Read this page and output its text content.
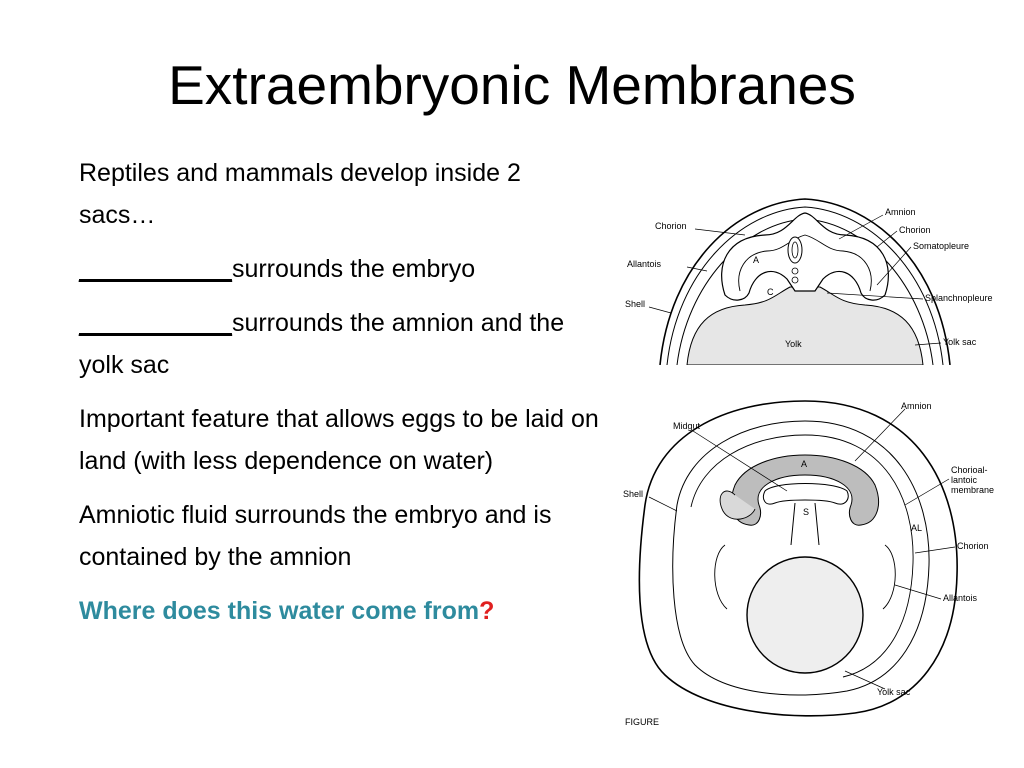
Extraembryonic Membranes

Reptiles and mammals develop inside 2 sacs…

___________surrounds the embryo

___________surrounds the amnion and the yolk sac

Important feature that allows eggs to be laid on land (with less dependence on water)

Amniotic fluid surrounds the embryo and is contained by the amnion

Where does this water come from?

A
C
Chorion
Allantois
Shell
Amnion
Chorion
Somatopleure
Splanchnopleure
Yolk sac
Yolk
A
S
AL
Amnion
Midgut
Shell
Chorioal-
lantoic
membrane
Chorion
Allantois
Yolk sac
FIGURE
